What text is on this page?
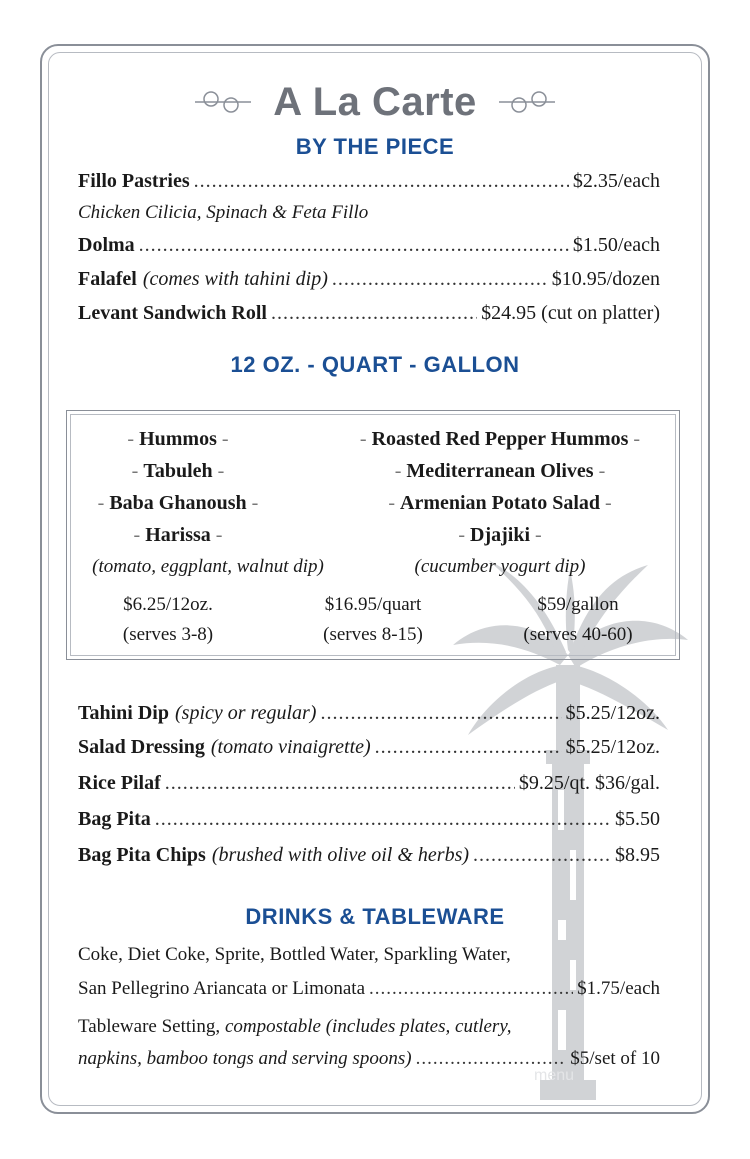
menu
A La Carte
BY THE PIECE
Fillo Pastries .....	$2.35/each
Chicken Cilicia, Spinach & Feta Fillo
Dolma .....	$1.50/each
Falafel (comes with tahini dip) .....	$10.95/dozen
Levant Sandwich Roll .....	$24.95 (cut on platter)
12 OZ. - QUART - GALLON
- Hummos -
- Tabuleh -
- Baba Ghanoush -
- Harissa -
(tomato, eggplant, walnut dip)
- Roasted Red Pepper Hummos -
- Mediterranean Olives -
- Armenian Potato Salad -
- Djajiki -
(cucumber yogurt dip)
$6.25/12oz.
(serves 3-8)
$16.95/quart
(serves 8-15)
$59/gallon
(serves 40-60)
Tahini Dip (spicy or regular) .....	$5.25/12oz.
Salad Dressing (tomato vinaigrette) .....	$5.25/12oz.
Rice Pilaf .....	$9.25/qt. $36/gal.
Bag Pita .....	$5.50
Bag Pita Chips (brushed with olive oil & herbs) .....	$8.95
DRINKS & TABLEWARE
Coke, Diet Coke, Sprite, Bottled Water, Sparkling Water,
San Pellegrino Ariancata or Limonata .....	$1.75/each
Tableware Setting, compostable (includes plates, cutlery,
napkins, bamboo tongs and serving spoons) .....	$5/set of 10
